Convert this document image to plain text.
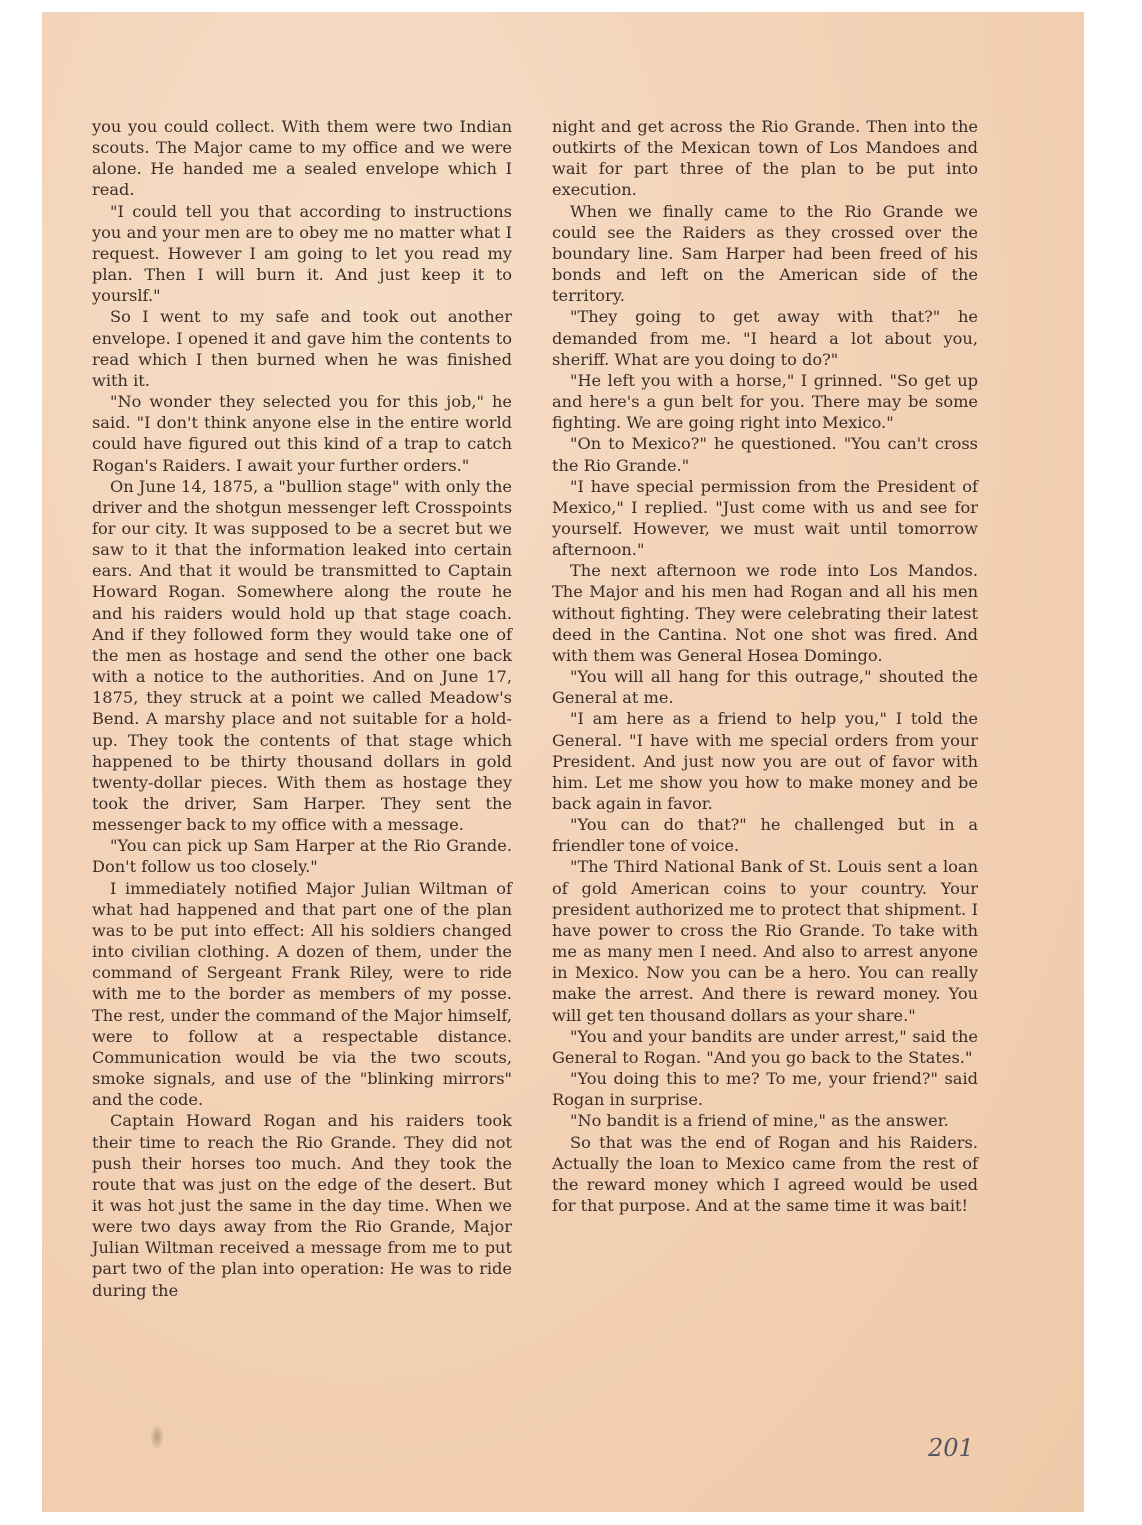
you you could collect. With them were two Indian scouts. The Major came to my office and we were alone. He handed me a sealed envelope which I read.

"I could tell you that according to instructions you and your men are to obey me no matter what I request. However I am going to let you read my plan. Then I will burn it. And just keep it to yourslf."

So I went to my safe and took out another envelope. I opened it and gave him the contents to read which I then burned when he was finished with it.

"No wonder they selected you for this job," he said. "I don't think anyone else in the entire world could have figured out this kind of a trap to catch Rogan's Raiders. I await your further orders."

On June 14, 1875, a "bullion stage" with only the driver and the shotgun messenger left Crosspoints for our city. It was supposed to be a secret but we saw to it that the information leaked into certain ears. And that it would be transmitted to Captain Howard Rogan. Somewhere along the route he and his raiders would hold up that stage coach. And if they followed form they would take one of the men as hostage and send the other one back with a notice to the authorities. And on June 17, 1875, they struck at a point we called Meadow's Bend. A marshy place and not suitable for a hold-up. They took the contents of that stage which happened to be thirty thousand dollars in gold twenty-dollar pieces. With them as hostage they took the driver, Sam Harper. They sent the messenger back to my office with a message.

"You can pick up Sam Harper at the Rio Grande. Don't follow us too closely."

I immediately notified Major Julian Wiltman of what had happened and that part one of the plan was to be put into effect: All his soldiers changed into civilian clothing. A dozen of them, under the command of Sergeant Frank Riley, were to ride with me to the border as members of my posse. The rest, under the command of the Major himself, were to follow at a respectable distance. Communication would be via the two scouts, smoke signals, and use of the "blinking mirrors" and the code.

Captain Howard Rogan and his raiders took their time to reach the Rio Grande. They did not push their horses too much. And they took the route that was just on the edge of the desert. But it was hot just the same in the day time. When we were two days away from the Rio Grande, Major Julian Wiltman received a message from me to put part two of the plan into operation: He was to ride during the

night and get across the Rio Grande. Then into the outkirts of the Mexican town of Los Mandoes and wait for part three of the plan to be put into execution.

When we finally came to the Rio Grande we could see the Raiders as they crossed over the boundary line. Sam Harper had been freed of his bonds and left on the American side of the territory.

"They going to get away with that?" he demanded from me. "I heard a lot about you, sheriff. What are you doing to do?"

"He left you with a horse," I grinned. "So get up and here's a gun belt for you. There may be some fighting. We are going right into Mexico."

"On to Mexico?" he questioned. "You can't cross the Rio Grande."

"I have special permission from the President of Mexico," I replied. "Just come with us and see for yourself. However, we must wait until tomorrow afternoon."

The next afternoon we rode into Los Mandos. The Major and his men had Rogan and all his men without fighting. They were celebrating their latest deed in the Cantina. Not one shot was fired. And with them was General Hosea Domingo.

"You will all hang for this outrage," shouted the General at me.

"I am here as a friend to help you," I told the General. "I have with me special orders from your President. And just now you are out of favor with him. Let me show you how to make money and be back again in favor.

"You can do that?" he challenged but in a friendler tone of voice.

"The Third National Bank of St. Louis sent a loan of gold American coins to your country. Your president authorized me to protect that shipment. I have power to cross the Rio Grande. To take with me as many men I need. And also to arrest anyone in Mexico. Now you can be a hero. You can really make the arrest. And there is reward money. You will get ten thousand dollars as your share."

"You and your bandits are under arrest," said the General to Rogan. "And you go back to the States."

"You doing this to me? To me, your friend?" said Rogan in surprise.

"No bandit is a friend of mine," as the answer.

So that was the end of Rogan and his Raiders. Actually the loan to Mexico came from the rest of the reward money which I agreed would be used for that purpose. And at the same time it was bait!

201
